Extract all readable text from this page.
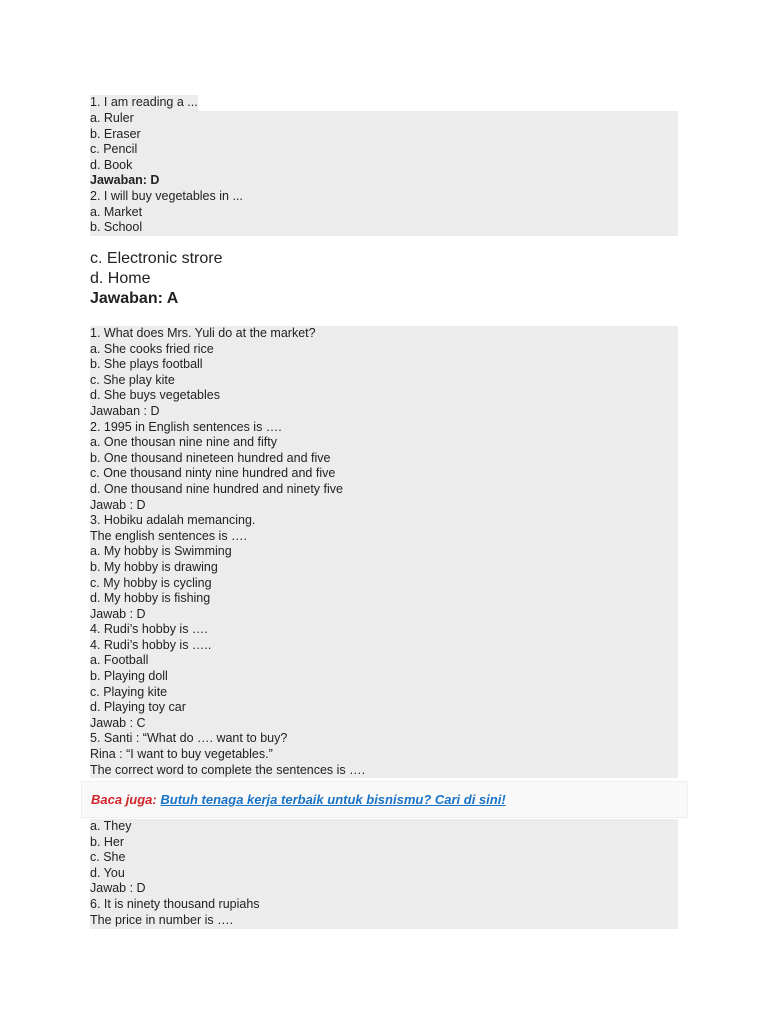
1. I am reading a ...
a. Ruler
b. Eraser
c. Pencil
d. Book
Jawaban: D
2. I will buy vegetables in ...
a. Market
b. School
c. Electronic strore
d. Home
Jawaban: A
1. What does Mrs. Yuli do at the market?
a. She cooks fried rice
b. She plays football
c. She play kite
d. She buys vegetables
Jawaban : D
2. 1995 in English sentences is ….
a. One thousan nine nine and fifty
b. One thousand nineteen hundred and five
c. One thousand ninty nine hundred and five
d. One thousand nine hundred and ninety five
Jawab : D
3. Hobiku adalah memancing.
The english sentences is ….
a. My hobby is Swimming
b. My hobby is drawing
c. My hobby is cycling
d. My hobby is fishing
Jawab : D
4. Rudi’s hobby is ….
4. Rudi’s hobby is …..
a. Football
b. Playing doll
c. Playing kite
d. Playing toy car
Jawab : C
5. Santi : “What do …. want to buy?
Rina : “I want to buy vegetables.”
The correct word to complete the sentences is ….
Baca juga: Butuh tenaga kerja terbaik untuk bisnismu? Cari di sini!
a. They
b. Her
c. She
d. You
Jawab : D
6. It is ninety thousand rupiahs
The price in number is ….
